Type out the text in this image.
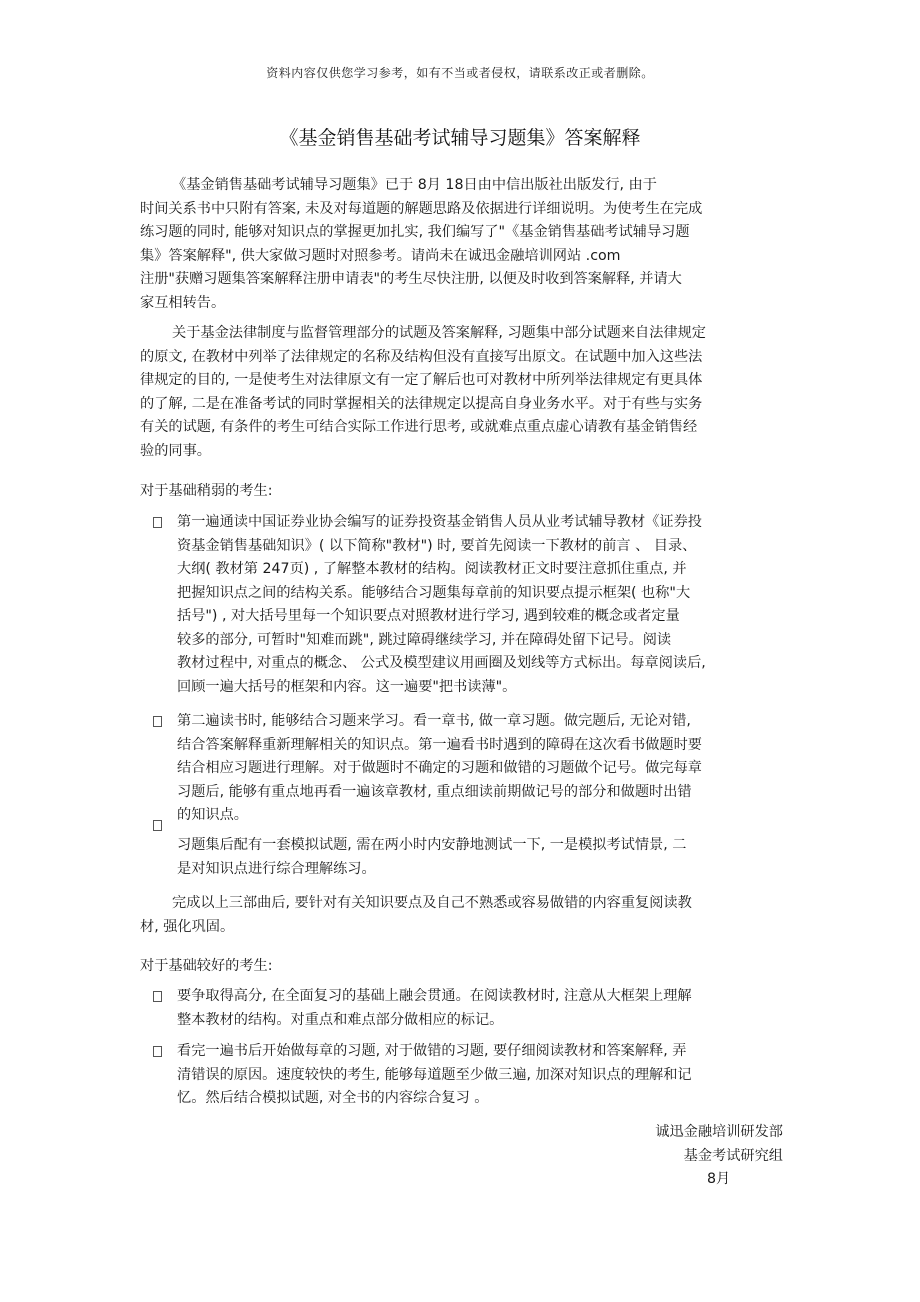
资料内容仅供您学习参考，如有不当或者侵权，请联系改正或者删除。
《基金销售基础考试辅导习题集》答案解释
《基金销售基础考试辅导习题集》已于 8月 18日由中信出版社出版发行, 由于
时间关系书中只附有答案, 未及对每道题的解题思路及依据进行详细说明。为使考生在完成
练习题的同时, 能够对知识点的掌握更加扎实, 我们编写了"《基金销售基础考试辅导习题
集》答案解释", 供大家做习题时对照参考。请尚未在诚迅金融培训网站 .com
注册"获赠习题集答案解释注册申请表"的考生尽快注册, 以便及时收到答案解释, 并请大
家互相转告。
关于基金法律制度与监督管理部分的试题及答案解释, 习题集中部分试题来自法律规定
的原文, 在教材中列举了法律规定的名称及结构但没有直接写出原文。在试题中加入这些法
律规定的目的, 一是使考生对法律原文有一定了解后也可对教材中所列举法律规定有更具体
的了解, 二是在准备考试的同时掌握相关的法律规定以提高自身业务水平。对于有些与实务
有关的试题, 有条件的考生可结合实际工作进行思考, 或就难点重点虚心请教有基金销售经
验的同事。
对于基础稍弱的考生:
第一遍通读中国证券业协会编写的证券投资基金销售人员从业考试辅导教材《证券投
资基金销售基础知识》( 以下简称"教材") 时, 要首先阅读一下教材的前言 、 目录、
大纲( 教材第 247页) , 了解整本教材的结构。阅读教材正文时要注意抓住重点, 并
把握知识点之间的结构关系。能够结合习题集每章前的知识要点提示框架( 也称"大
括号") , 对大括号里每一个知识要点对照教材进行学习, 遇到较难的概念或者定量
较多的部分, 可暂时"知难而跳", 跳过障碍继续学习, 并在障碍处留下记号。阅读
教材过程中, 对重点的概念、 公式及模型建议用画圈及划线等方式标出。每章阅读后,
回顾一遍大括号的框架和内容。这一遍要"把书读薄"。
第二遍读书时, 能够结合习题来学习。看一章书, 做一章习题。做完题后, 无论对错,
结合答案解释重新理解相关的知识点。第一遍看书时遇到的障碍在这次看书做题时要
结合相应习题进行理解。对于做题时不确定的习题和做错的习题做个记号。做完每章
习题后, 能够有重点地再看一遍该章教材, 重点细读前期做记号的部分和做题时出错
的知识点。
习题集后配有一套模拟试题, 需在两小时内安静地测试一下, 一是模拟考试情景, 二
是对知识点进行综合理解练习。
完成以上三部曲后, 要针对有关知识要点及自己不熟悉或容易做错的内容重复阅读教
材, 强化巩固。
对于基础较好的考生:
要争取得高分, 在全面复习的基础上融会贯通。在阅读教材时, 注意从大框架上理解
整本教材的结构。对重点和难点部分做相应的标记。
看完一遍书后开始做每章的习题, 对于做错的习题, 要仔细阅读教材和答案解释, 弄
清错误的原因。速度较快的考生, 能够每道题至少做三遍, 加深对知识点的理解和记
忆。然后结合模拟试题, 对全书的内容综合复习 。
诚迅金融培训研发部
基金考试研究组
8月
